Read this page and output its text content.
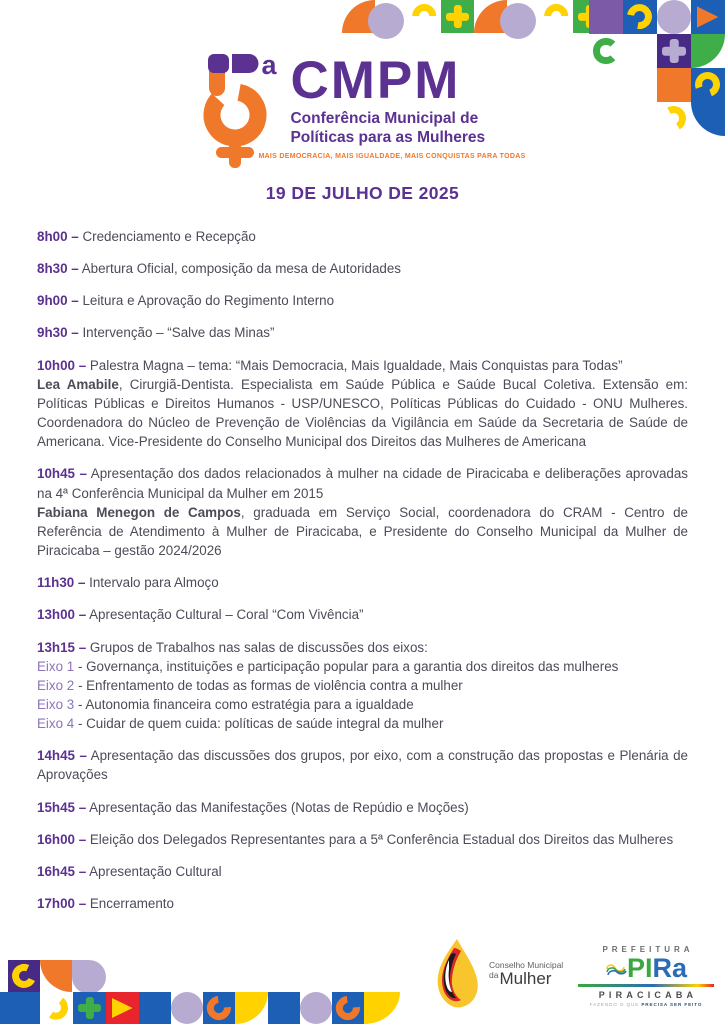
a CMPM
Conferência Municipal de
Políticas para as Mulheres
MAIS DEMOCRACIA, MAIS IGUALDADE, MAIS CONQUISTAS PARA TODAS
19 DE JULHO DE 2025

8h00 – Credenciamento e Recepção

8h30 – Abertura Oficial, composição da mesa de Autoridades

9h00 – Leitura e Aprovação do Regimento Interno

9h30 – Intervenção – “Salve das Minas”

10h00 – Palestra Magna – tema: “Mais Democracia, Mais Igualdade, Mais Conquistas para Todas”

Lea Amabile, Cirurgiã-Dentista. Especialista em Saúde Pública e Saúde Bucal Coletiva. Extensão em: Políticas Públicas e Direitos Humanos - USP/UNESCO, Políticas Públicas do Cuidado - ONU Mulheres. Coordenadora do Núcleo de Prevenção de Violências da Vigilância em Saúde da Secretaria de Saúde de Americana. Vice-Presidente do Conselho Municipal dos Direitos das Mulheres de Americana

10h45 – Apresentação dos dados relacionados à mulher na cidade de Piracicaba e deliberações aprovadas na 4ª Conferência Municipal da Mulher em 2015

Fabiana Menegon de Campos, graduada em Serviço Social, coordenadora do CRAM - Centro de Referência de Atendimento à Mulher de Piracicaba, e Presidente do Conselho Municipal da Mulher de Piracicaba – gestão 2024/2026

11h30 – Intervalo para Almoço

13h00 – Apresentação Cultural – Coral “Com Vivência”

13h15 – Grupos de Trabalhos nas salas de discussões dos eixos:

Eixo 1 - Governança, instituições e participação popular para a garantia dos direitos das mulheres

Eixo 2 - Enfrentamento de todas as formas de violência contra a mulher

Eixo 3 - Autonomia financeira como estratégia para a igualdade

Eixo 4 - Cuidar de quem cuida: políticas de saúde integral da mulher

14h45 – Apresentação das discussões dos grupos, por eixo, com a construção das propostas e Plenária de Aprovações

15h45 – Apresentação das Manifestações (Notas de Repúdio e Moções)

16h00 – Eleição dos Delegados Representantes para a 5ª Conferência Estadual dos Direitos das Mulheres

16h45 – Apresentação Cultural

17h00 – Encerramento

Conselho Municipal
$^{da}$Mulher
PREFEITURA
PI Ra
PIRACICABA
FAZENDO O QUE PRECISA SER FEITO
